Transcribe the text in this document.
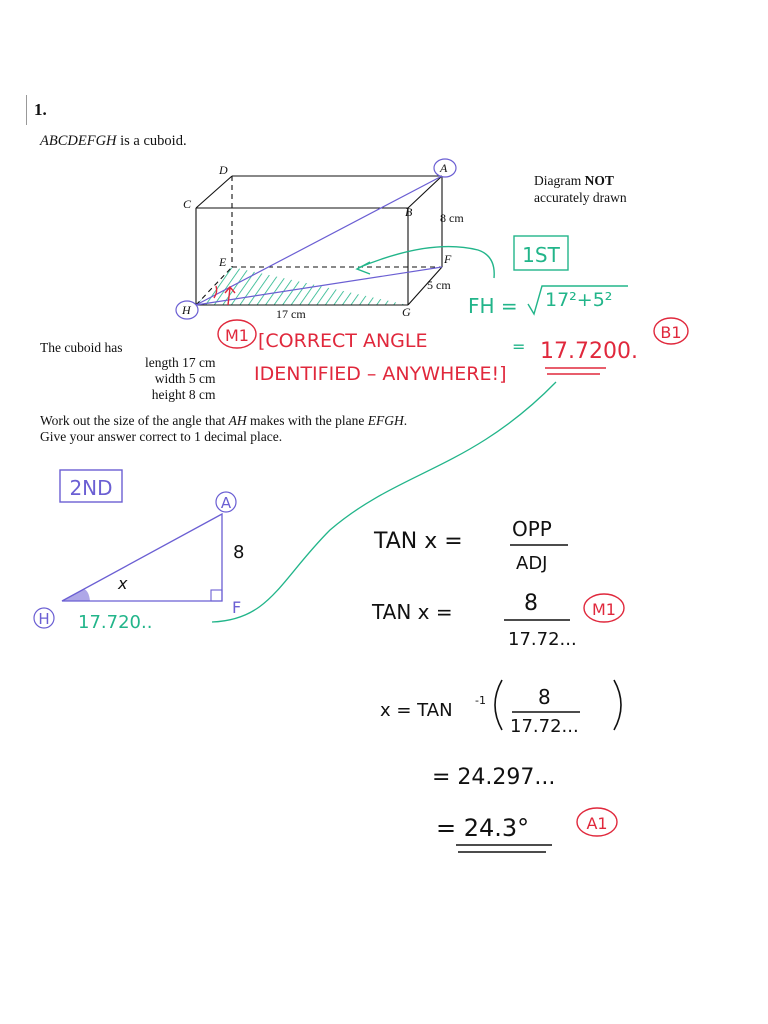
1.
ABCDEFGH is a cuboid.
Diagram NOT
accurately drawn
The cuboid has
length 17 cm
width 5 cm
height 8 cm
Work out the size of the angle that AH makes with the plane EFGH.
Give your answer correct to 1 decimal place.
D
C
B
A
E	F
G
H
8 cm
5 cm
17 cm
1ST
FH = 17²+5²
= 17.7200.
B1
M1 [CORRECT ANGLE
IDENTIFIED – ANYWHERE!]
2ND
A
H
F
8
x
17.720..
TAN x = OPP
ADJ
TAN x =	8
17.72...
M1
x = TAN -1	8
17.72...
= 24.297...
= 24.3°	A1
